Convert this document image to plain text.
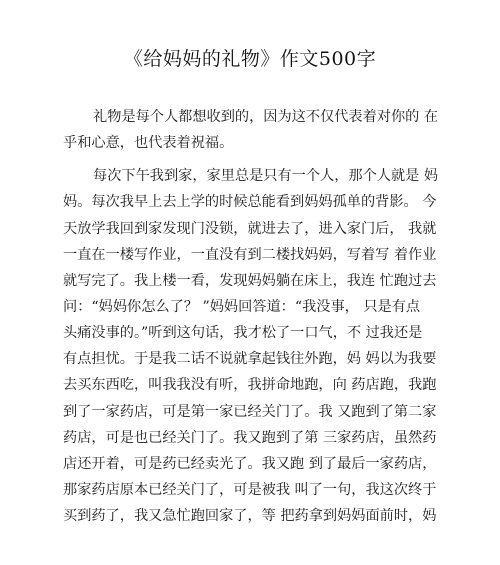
《给妈妈的礼物》作文500字
礼物是每个人都想收到的，因为这不仅代表着对你的 在
乎和心意，也代表着祝福。
每次下午我到家，家里总是只有一个人，那个人就是 妈
妈。每次我早上去上学的时候总能看到妈妈孤单的背影。 今
天放学我回到家发现门没锁，就进去了，进入家门后， 我就
一直在一楼写作业，一直没有到二楼找妈妈，写着写 着作业
就写完了。我上楼一看，发现妈妈躺在床上，我连 忙跑过去
问：“妈妈你怎么了？ ”妈妈回答道：“我没事， 只是有点
头痛没事的。”听到这句话，我才松了一口气，不 过我还是
有点担忧。于是我二话不说就拿起钱往外跑，妈 妈以为我要
去买东西吃，叫我我没有听，我拼命地跑，向 药店跑，我跑
到了一家药店，可是第一家已经关门了。我 又跑到了第二家
药店，可是也已经关门了。我又跑到了第 三家药店，虽然药
店还开着，可是药已经卖光了。我又跑 到了最后一家药店，
那家药店原本已经关门了，可是被我 叫了一句，我这次终于
买到药了，我又急忙跑回家了，等 把药拿到妈妈面前时，妈
